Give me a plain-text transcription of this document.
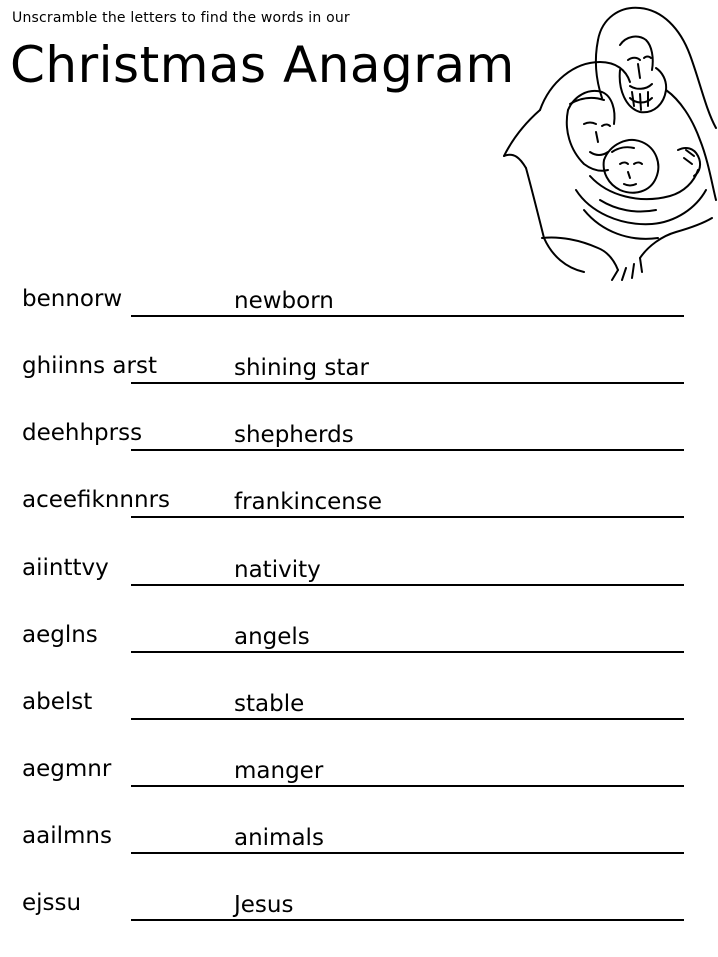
Unscramble the letters to find the words in our
Christmas Anagram
bennorw	newborn
ghiinns arst	shining star
deehhprss	shepherds
aceefiknnnrs	frankincense
aiinttvy	nativity
aeglns	angels
abelst	stable
aegmnr	manger
aailmns	animals
ejssu	Jesus
